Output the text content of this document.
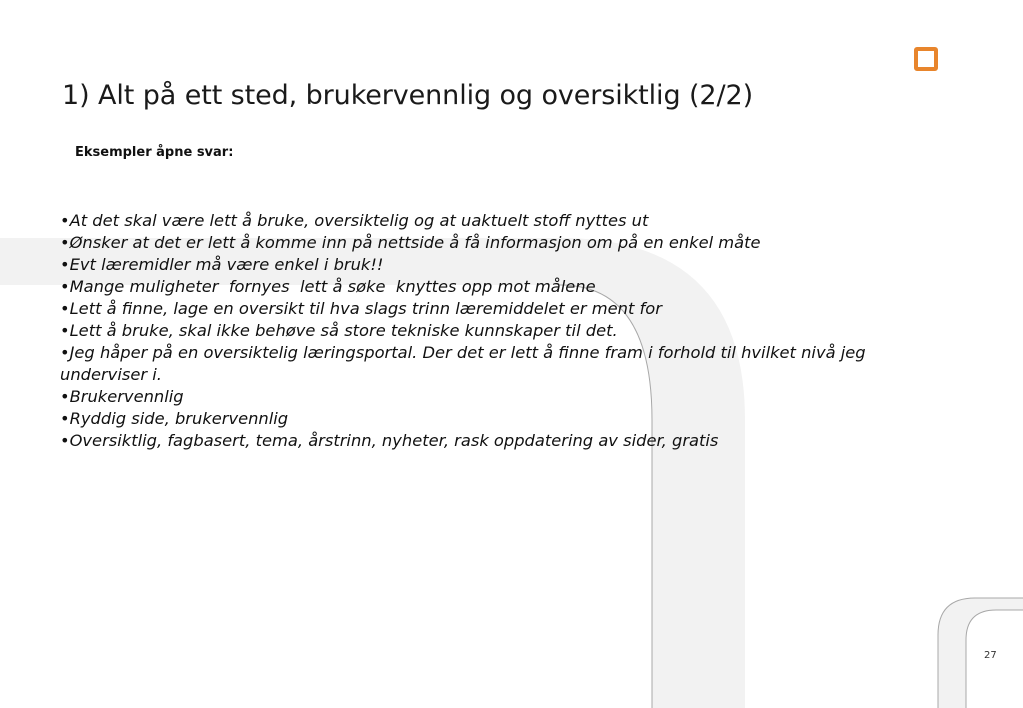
1) Alt på ett sted, brukervennlig og oversiktlig (2/2)
Eksempler åpne svar:
•At det skal være lett å bruke, oversiktelig og at uaktuelt stoff nyttes ut
•Ønsker at det er lett å komme inn på nettside å få informasjon om på en enkel måte
•Evt læremidler må være enkel i bruk!!
•Mange muligheter  fornyes  lett å søke  knyttes opp mot målene
•Lett å finne, lage en oversikt til hva slags trinn læremiddelet er ment for
•Lett å bruke, skal ikke behøve så store tekniske kunnskaper til det.
•Jeg håper på en oversiktelig læringsportal. Der det er lett å finne fram i forhold til hvilket nivå jeg underviser i.
•Brukervennlig
•Ryddig side, brukervennlig
•Oversiktlig, fagbasert, tema, årstrinn, nyheter, rask oppdatering av sider, gratis
27
